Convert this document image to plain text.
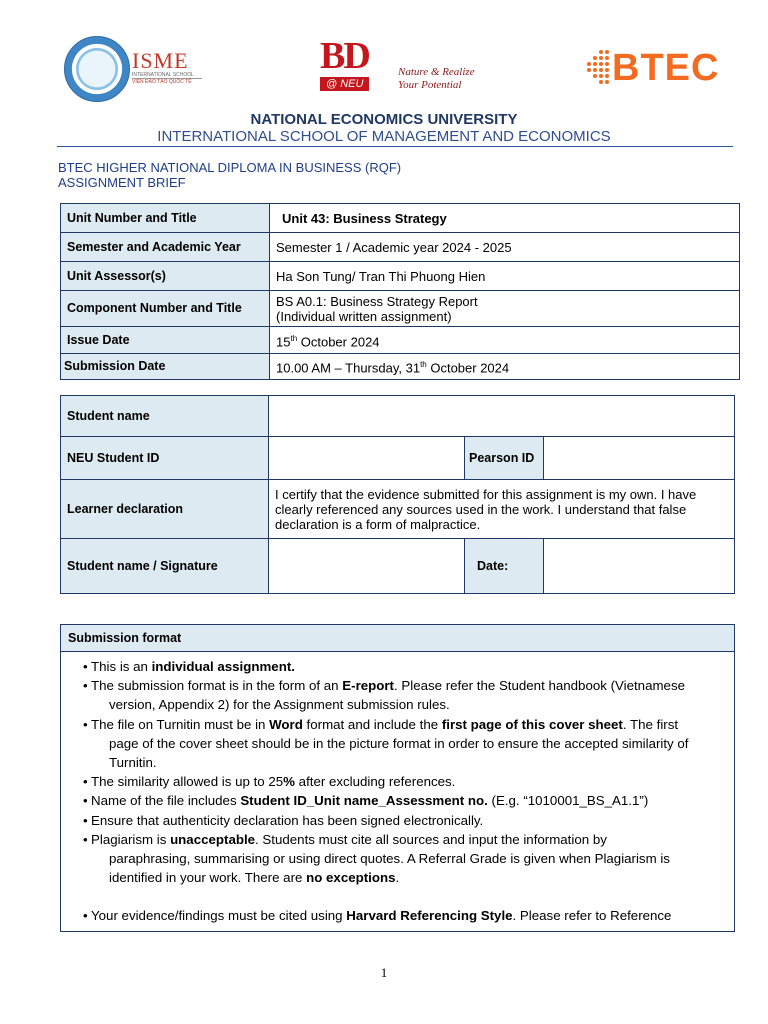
ISME
INTERNATIONAL SCHOOL
VIỆN ĐÀO TẠO QUỐC TẾ
BD
@ NEU
Nature & Realize
Your Potential	BTEC
NATIONAL ECONOMICS UNIVERSITY
INTERNATIONAL SCHOOL OF MANAGEMENT AND ECONOMICS
BTEC HIGHER NATIONAL DIPLOMA IN BUSINESS (RQF)
ASSIGNMENT BRIEF
Unit Number and Title	Unit 43: Business Strategy
Semester and Academic Year	Semester 1 / Academic year 2024 - 2025
Unit Assessor(s)	Ha Son Tung/ Tran Thi Phuong Hien
Component Number and Title	BS A0.1: Business Strategy Report
(Individual written assignment)

Issue Date	15th October 2024
Submission Date	10.00 AM – Thursday, 31th October 2024
Student name			
NEU Student ID		Pearson ID	
Learner declaration	I certify that the evidence submitted for this assignment is my own. I have clearly referenced any sources used in the work. I understand that false declaration is a form of malpractice.		
Student name / Signature		Date:	
Submission format
• This is an individual assignment.
• The submission format is in the form of an E-report. Please refer the Student handbook (Vietnamese
version, Appendix 2) for the Assignment submission rules.
• The file on Turnitin must be in Word format and include the first page of this cover sheet. The first
page of the cover sheet should be in the picture format in order to ensure the accepted similarity of
Turnitin.
• The similarity allowed is up to 25% after excluding references.
• Name of the file includes Student ID_Unit name_Assessment no. (E.g. “1010001_BS_A1.1”)
• Ensure that authenticity declaration has been signed electronically.
• Plagiarism is unacceptable. Students must cite all sources and input the information by
paraphrasing, summarising or using direct quotes. A Referral Grade is given when Plagiarism is
identified in your work. There are no exceptions.
• Your evidence/findings must be cited using Harvard Referencing Style. Please refer to Reference
1
